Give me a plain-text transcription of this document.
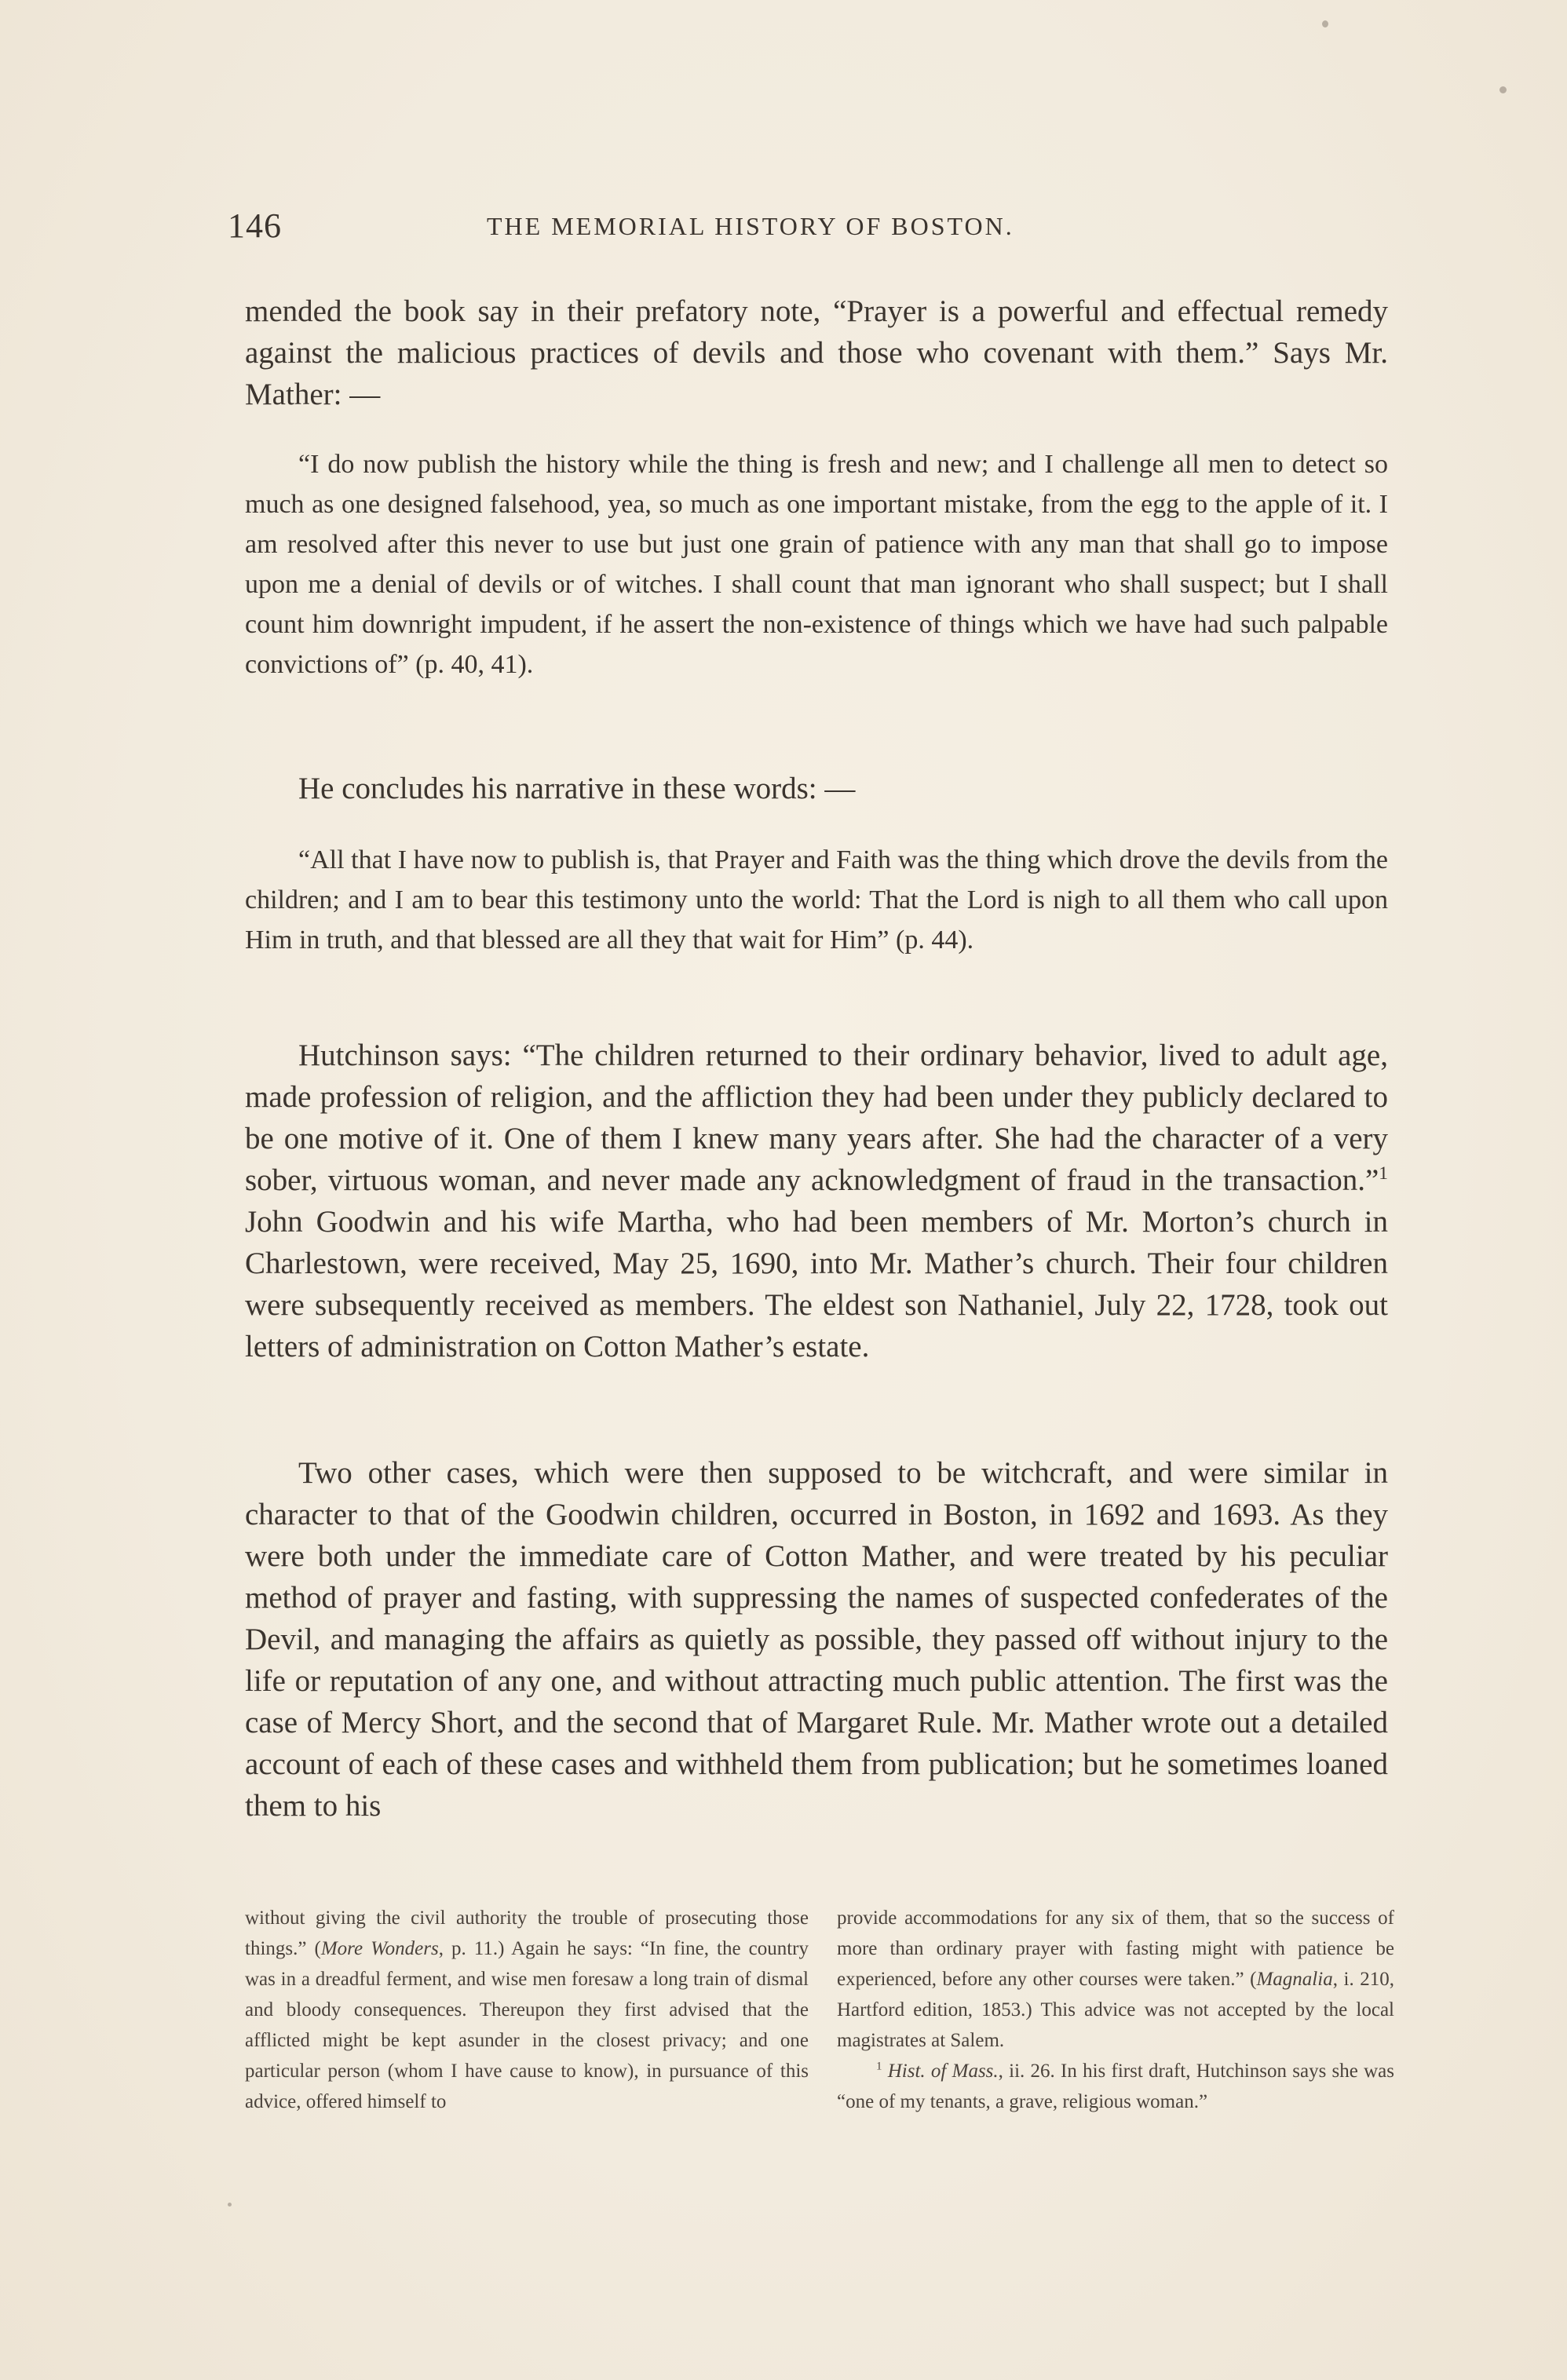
146	THE MEMORIAL HISTORY OF BOSTON.

mended the book say in their prefatory note, “Prayer is a powerful and effectual remedy against the malicious practices of devils and those who covenant with them.” Says Mr. Mather: —

“I do now publish the history while the thing is fresh and new; and I challenge all men to detect so much as one designed falsehood, yea, so much as one important mistake, from the egg to the apple of it. I am resolved after this never to use but just one grain of patience with any man that shall go to impose upon me a denial of devils or of witches. I shall count that man ignorant who shall suspect; but I shall count him downright impudent, if he assert the non-existence of things which we have had such palpable convictions of” (p. 40, 41).

He concludes his narrative in these words: —

“All that I have now to publish is, that Prayer and Faith was the thing which drove the devils from the children; and I am to bear this testimony unto the world: That the Lord is nigh to all them who call upon Him in truth, and that blessed are all they that wait for Him” (p. 44).

Hutchinson says: “The children returned to their ordinary behavior, lived to adult age, made profession of religion, and the affliction they had been under they publicly declared to be one motive of it. One of them I knew many years after. She had the character of a very sober, virtuous woman, and never made any acknowledgment of fraud in the transaction.”$^1$ John Goodwin and his wife Martha, who had been members of Mr. Morton’s church in Charlestown, were received, May 25, 1690, into Mr. Mather’s church. Their four children were subsequently received as members. The eldest son Nathaniel, July 22, 1728, took out letters of administration on Cotton Mather’s estate.

Two other cases, which were then supposed to be witchcraft, and were similar in character to that of the Goodwin children, occurred in Boston, in 1692 and 1693. As they were both under the immediate care of Cotton Mather, and were treated by his peculiar method of prayer and fasting, with suppressing the names of suspected confederates of the Devil, and managing the affairs as quietly as possible, they passed off without injury to the life or reputation of any one, and without attracting much public attention. The first was the case of Mercy Short, and the second that of Margaret Rule. Mr. Mather wrote out a detailed account of each of these cases and withheld them from publication; but he sometimes loaned them to his

without giving the civil authority the trouble of prosecuting those things.” (More Wonders, p. 11.) Again he says: “In fine, the country was in a dreadful ferment, and wise men foresaw a long train of dismal and bloody consequences. Thereupon they first advised that the afflicted might be kept asunder in the closest privacy; and one particular person (whom I have cause to know), in pursuance of this advice, offered himself to
provide accommodations for any six of them, that so the success of more than ordinary prayer with fasting might with patience be experienced, before any other courses were taken.” (Magnalia, i. 210, Hartford edition, 1853.) This advice was not accepted by the local magistrates at Salem.
$^1$ Hist. of Mass., ii. 26. In his first draft, Hutchinson says she was “one of my tenants, a grave, religious woman.”
